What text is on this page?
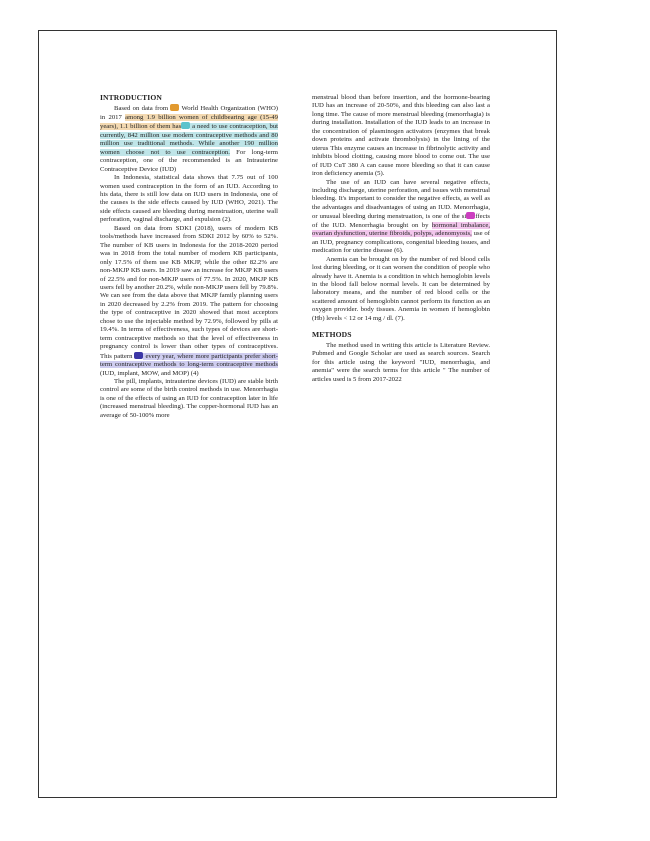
INTRODUCTION

Based on data from  World Health Organization (WHO) in 2017 among 1.9 billion women of childbearing age (15-49 years), 1.1 billion of them has a need to use contraception, but currently, 842 million use modern contraceptive methods and 80 million use traditional methods. While another 190 million women choose not to use contraception. For long-term contraception, one of the recommended is an Intrauterine Contraceptive Device (IUD)

In Indonesia, statistical data shows that 7.75 out of 100 women used contraception in the form of an IUD. According to his data, there is still low data on IUD users in Indonesia, one of the causes is the side effects caused by IUD (WHO, 2021). The side effects caused are bleeding during menstruation, uterine wall perforation, vaginal discharge, and expulsion (2).

Based on data from SDKI (2018), users of modern KB tools/methods have increased from SDKI 2012 by 60% to 52%. The number of KB users in Indonesia for the 2018-2020 period was in 2018 from the total number of modern KB participants, only 17.5% of them use KB MKJP, while the other 82.2% are non-MKJP KB users. In 2019 saw an increase for MKJP KB users of 22.5% and for non-MKJP users of 77.5%. In 2020, MKJP KB users fell by another 20.2%, while non-MKJP users fell by 79.8%. We can see from the data above that MKJP family planning users in 2020 decreased by 2.2% from 2019. The pattern for choosing the type of contraceptive in 2020 showed that most acceptors chose to use the injectable method by 72.9%, followed by pills at 19.4%. In terms of effectiveness, such types of devices are short-term contraceptive methods so that the level of effectiveness in pregnancy control is lower than other types of contraceptives. This pattern  every year, where more participants prefer short-term contraceptive methods to long-term contraceptive methods (IUD, implant, MOW, and MOP) (4)

The pill, implants, intrauterine devices (IUD) are stable birth control are some of the birth control methods in use. Menorrhagia is one of the effects of using an IUD for contraception later in life (increased menstrual bleeding). The copper-hormonal IUD has an average of 50-100% more

menstrual blood than before insertion, and the hormone-bearing IUD has an increase of 20-50%, and this bleeding can also last a long time. The cause of more menstrual bleeding (menorrhagia) is during installation. Installation of the IUD leads to an increase in the concentration of plasminogen activators (enzymes that break down proteins and activate thrombolysis) in the lining of the uterus This enzyme causes an increase in fibrinolytic activity and inhibits blood clotting, causing more blood to come out. The use of IUD CuT 380 A can cause more bleeding so that it can cause iron deficiency anemia (5).

The use of an IUD can have several negative effects, including discharge, uterine perforation, and issues with menstrual bleeding. It's important to consider the negative effects, as well as the advantages and disadvantages of using an IUD. Menorrhagia, or unusual bleeding during menstruation, is one of the si ffects of the IUD. Menorrhagia brought on by hormonal imbalance, ovarian dysfunction, uterine fibroids, polyps, adenomyosis, use of an IUD, pregnancy complications, congenital bleeding issues, and medication for uterine disease (6).

Anemia can be brought on by the number of red blood cells lost during bleeding, or it can worsen the condition of people who already have it. Anemia is a condition in which hemoglobin levels in the blood fall below normal levels. It can be determined by laboratory means, and the number of red blood cells or the scattered amount of hemoglobin cannot perform its function as an oxygen provider. body tissues. Anemia in women if hemoglobin (Hb) levels < 12 or 14 mg / dl. (7).

METHODS

The method used in writing this article is Literature Review. Pubmed and Google Scholar are used as search sources. Search for this article using the keyword "IUD, menorrhagia, and anemia" were the search terms for this article " The number of articles used is 5 from 2017-2022
